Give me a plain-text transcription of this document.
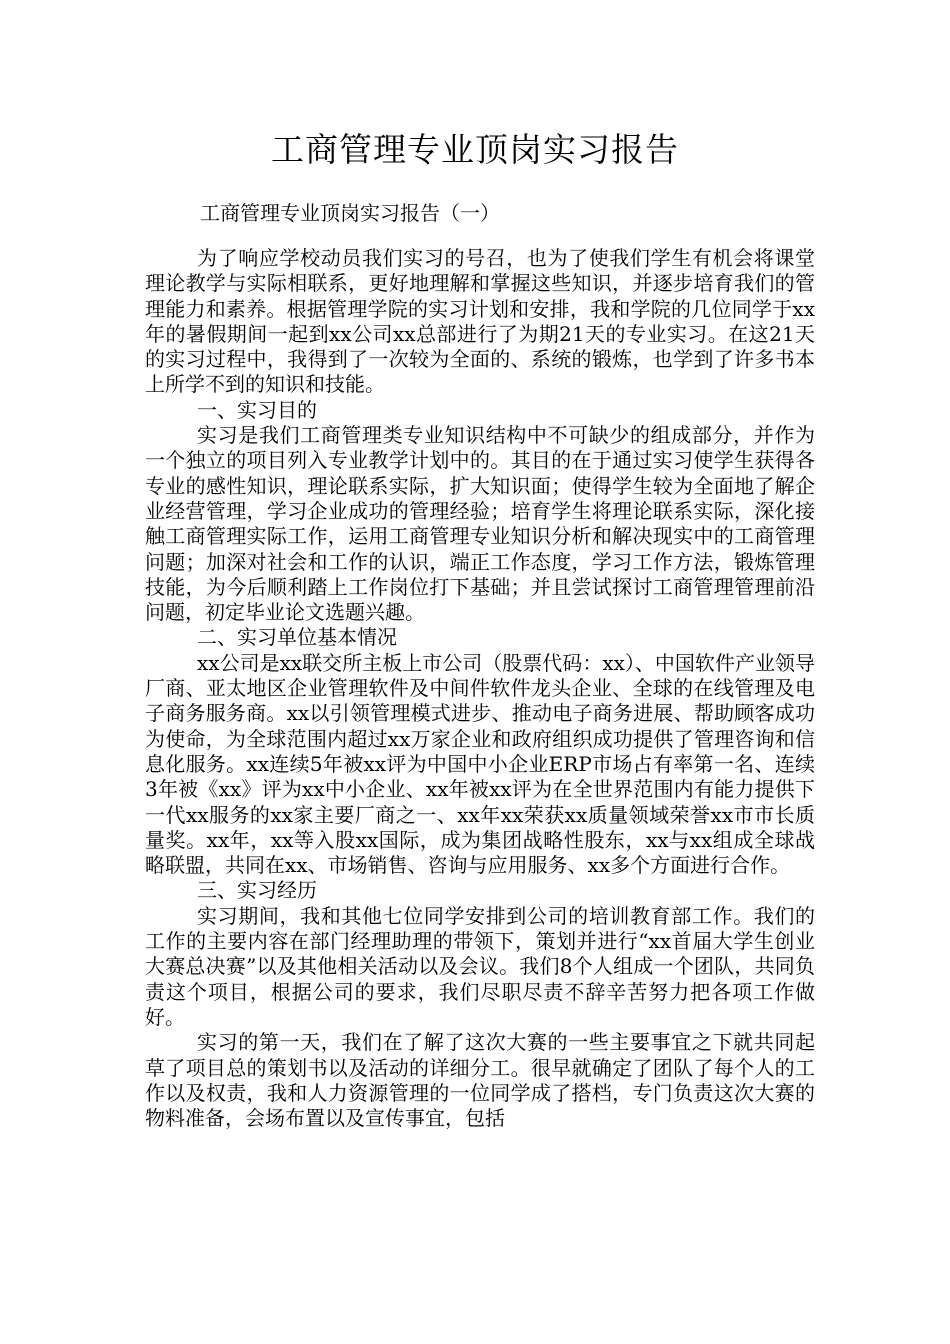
工商管理专业顶岗实习报告
工商管理专业顶岗实习报告（一）

为了响应学校动员我们实习的号召，也为了使我们学生有机会将课堂理论教学与实际相联系，更好地理解和掌握这些知识，并逐步培育我们的管理能力和素养。根据管理学院的实习计划和安排，我和学院的几位同学于xx年的暑假期间一起到xx公司xx总部进行了为期21天的专业实习。在这21天的实习过程中，我得到了一次较为全面的、系统的锻炼，也学到了许多书本上所学不到的知识和技能。

一、实习目的

实习是我们工商管理类专业知识结构中不可缺少的组成部分，并作为一个独立的项目列入专业教学计划中的。其目的在于通过实习使学生获得各专业的感性知识，理论联系实际，扩大知识面；使得学生较为全面地了解企业经营管理，学习企业成功的管理经验；培育学生将理论联系实际，深化接触工商管理实际工作，运用工商管理专业知识分析和解决现实中的工商管理问题；加深对社会和工作的认识，端正工作态度，学习工作方法，锻炼管理技能，为今后顺利踏上工作岗位打下基础；并且尝试探讨工商管理管理前沿问题，初定毕业论文选题兴趣。

二、实习单位基本情况

xx公司是xx联交所主板上市公司（股票代码：xx）、中国软件产业领导厂商、亚太地区企业管理软件及中间件软件龙头企业、全球的在线管理及电子商务服务商。xx以引领管理模式进步、推动电子商务进展、帮助顾客成功为使命，为全球范围内超过xx万家企业和政府组织成功提供了管理咨询和信息化服务。xx连续5年被xx评为中国中小企业ERP市场占有率第一名、连续3年被《xx》评为xx中小企业、xx年被xx评为在全世界范围内有能力提供下一代xx服务的xx家主要厂商之一、xx年xx荣获xx质量领域荣誉xx市市长质量奖。xx年，xx等入股xx国际，成为集团战略性股东，xx与xx组成全球战略联盟，共同在xx、市场销售、咨询与应用服务、xx多个方面进行合作。

三、实习经历

实习期间，我和其他七位同学安排到公司的培训教育部工作。我们的工作的主要内容在部门经理助理的带领下，策划并进行“xx首届大学生创业大赛总决赛”以及其他相关活动以及会议。我们8个人组成一个团队，共同负责这个项目，根据公司的要求，我们尽职尽责不辞辛苦努力把各项工作做好。

实习的第一天，我们在了解了这次大赛的一些主要事宜之下就共同起草了项目总的策划书以及活动的详细分工。很早就确定了团队了每个人的工作以及权责，我和人力资源管理的一位同学成了搭档，专门负责这次大赛的物料准备，会场布置以及宣传事宜，包括
